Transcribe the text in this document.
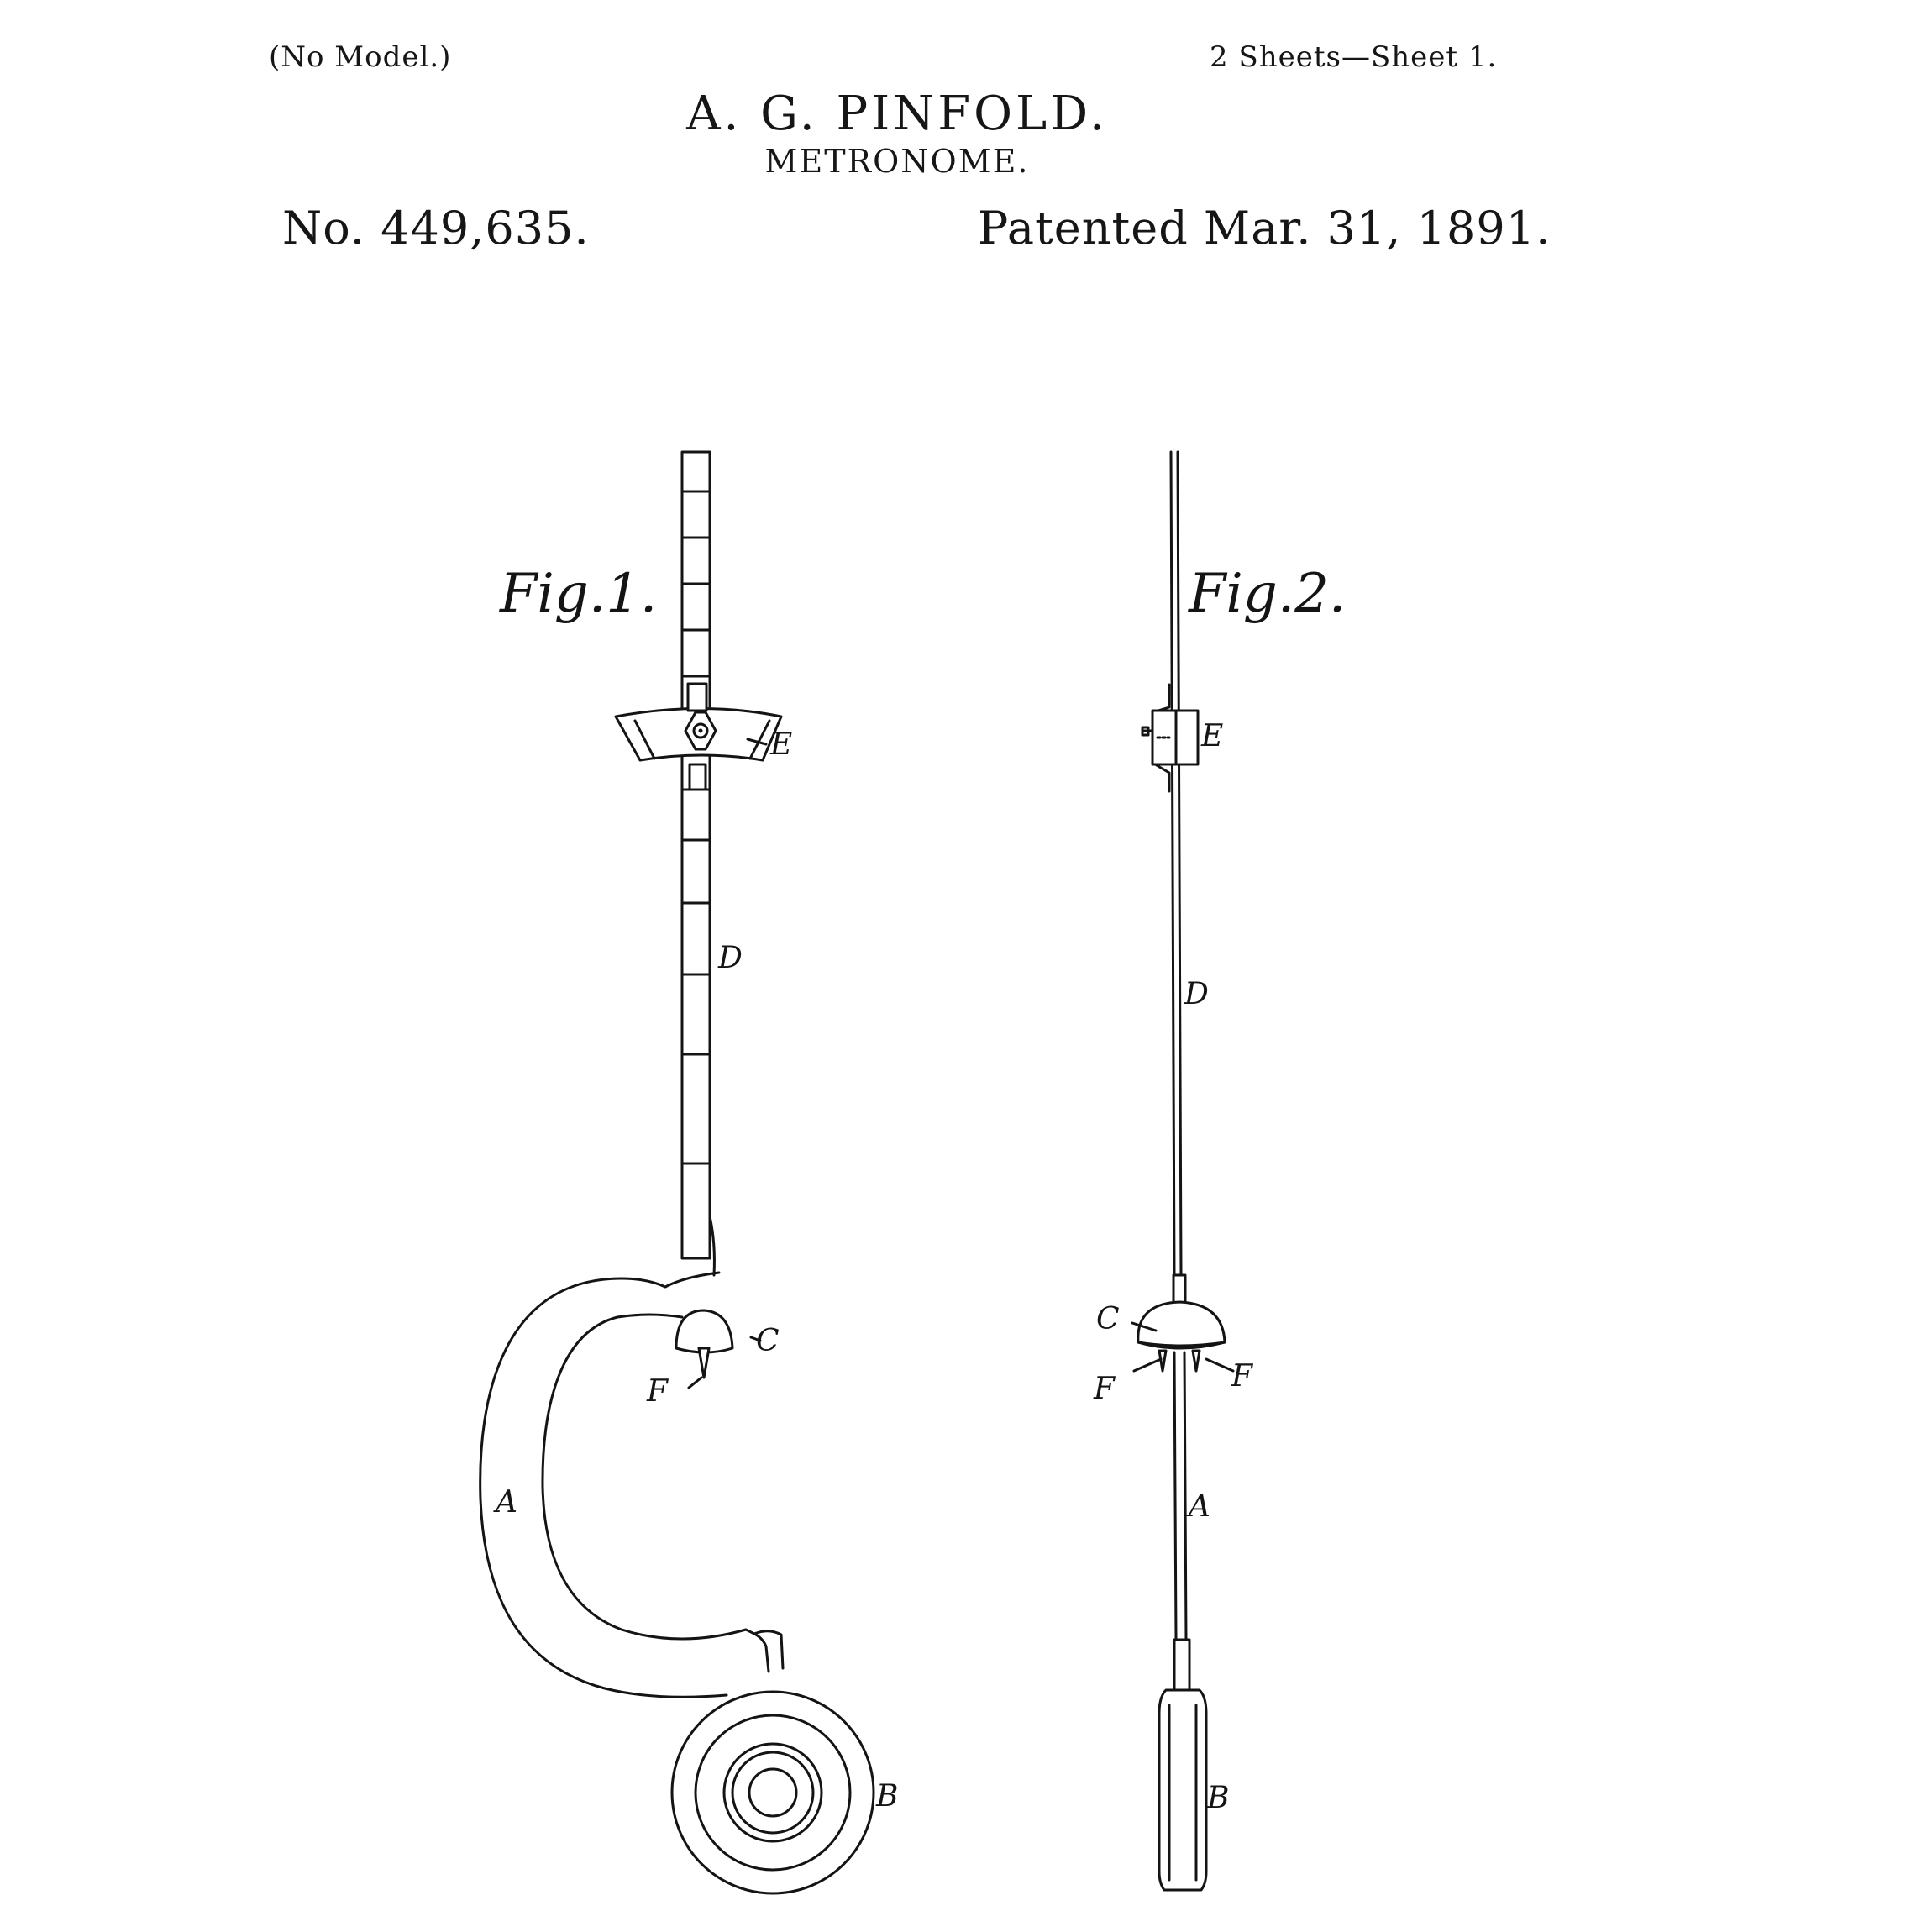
(No Model.)	2 Sheets—Sheet 1.
A. G. PINFOLD.
METRONOME.
No. 449,635.	Patented Mar. 31, 1891.
Fig.1.
E
D
C
F
A
B
Fig.2.
E
D
C
F	F
A
B
